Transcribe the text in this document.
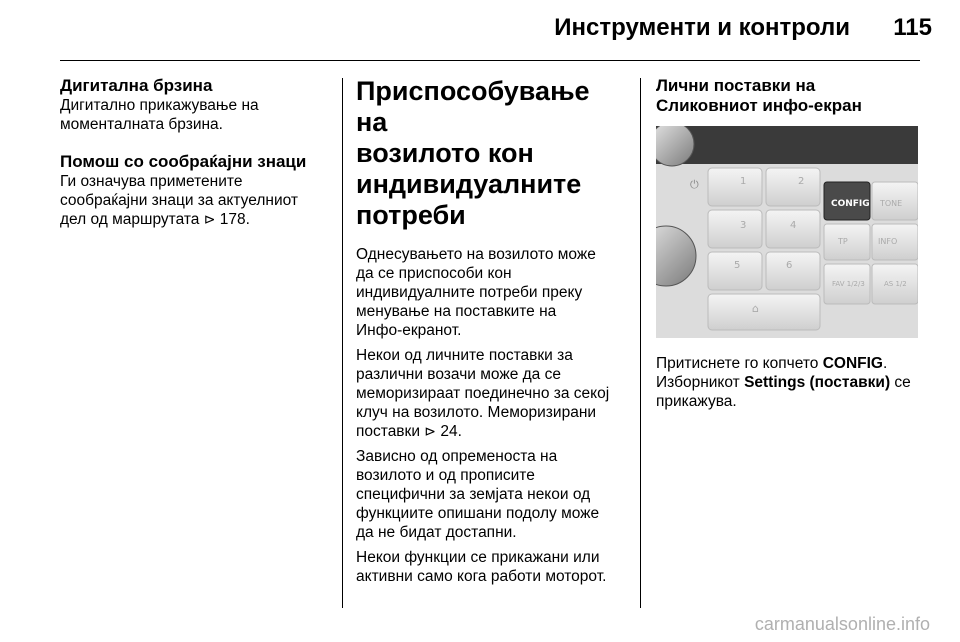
Инструменти и контроли	115
Дигитална брзина

Дигитално прикажување на
моменталната брзина.

Помош со сообраќајни знаци

Ги означува приметените
сообраќајни знаци за актуелниот
дел од маршрутата ⊳ 178.

Приспособување на
возилото кон
индивидуалните
потреби

Однесувањето на возилото може
да се приспособи кон
индивидуалните потреби преку
менување на поставките на
Инфо-екранот.

Некои од личните поставки за
различни возачи може да се
меморизираат поединечно за секој
клуч на возилото. Меморизирани
поставки ⊳ 24.

Зависно од опременоста на
возилото и од прописите
специфични за земјата некои од
функциите опишани подолу може
да не бидат достапни.

Некои функции се прикажани или
активни само кога работи моторот.

Лични поставки на
Сликовниот инфо-екран
⏻	1	2
3	4
5	6
⌂
CONFIG TONE
TP	INFO
FAV 1/2/3	AS 1/2

Притиснете го копчето CONFIG.
Изборникот Settings (поставки) се
прикажува.

carmanualsonline.info
